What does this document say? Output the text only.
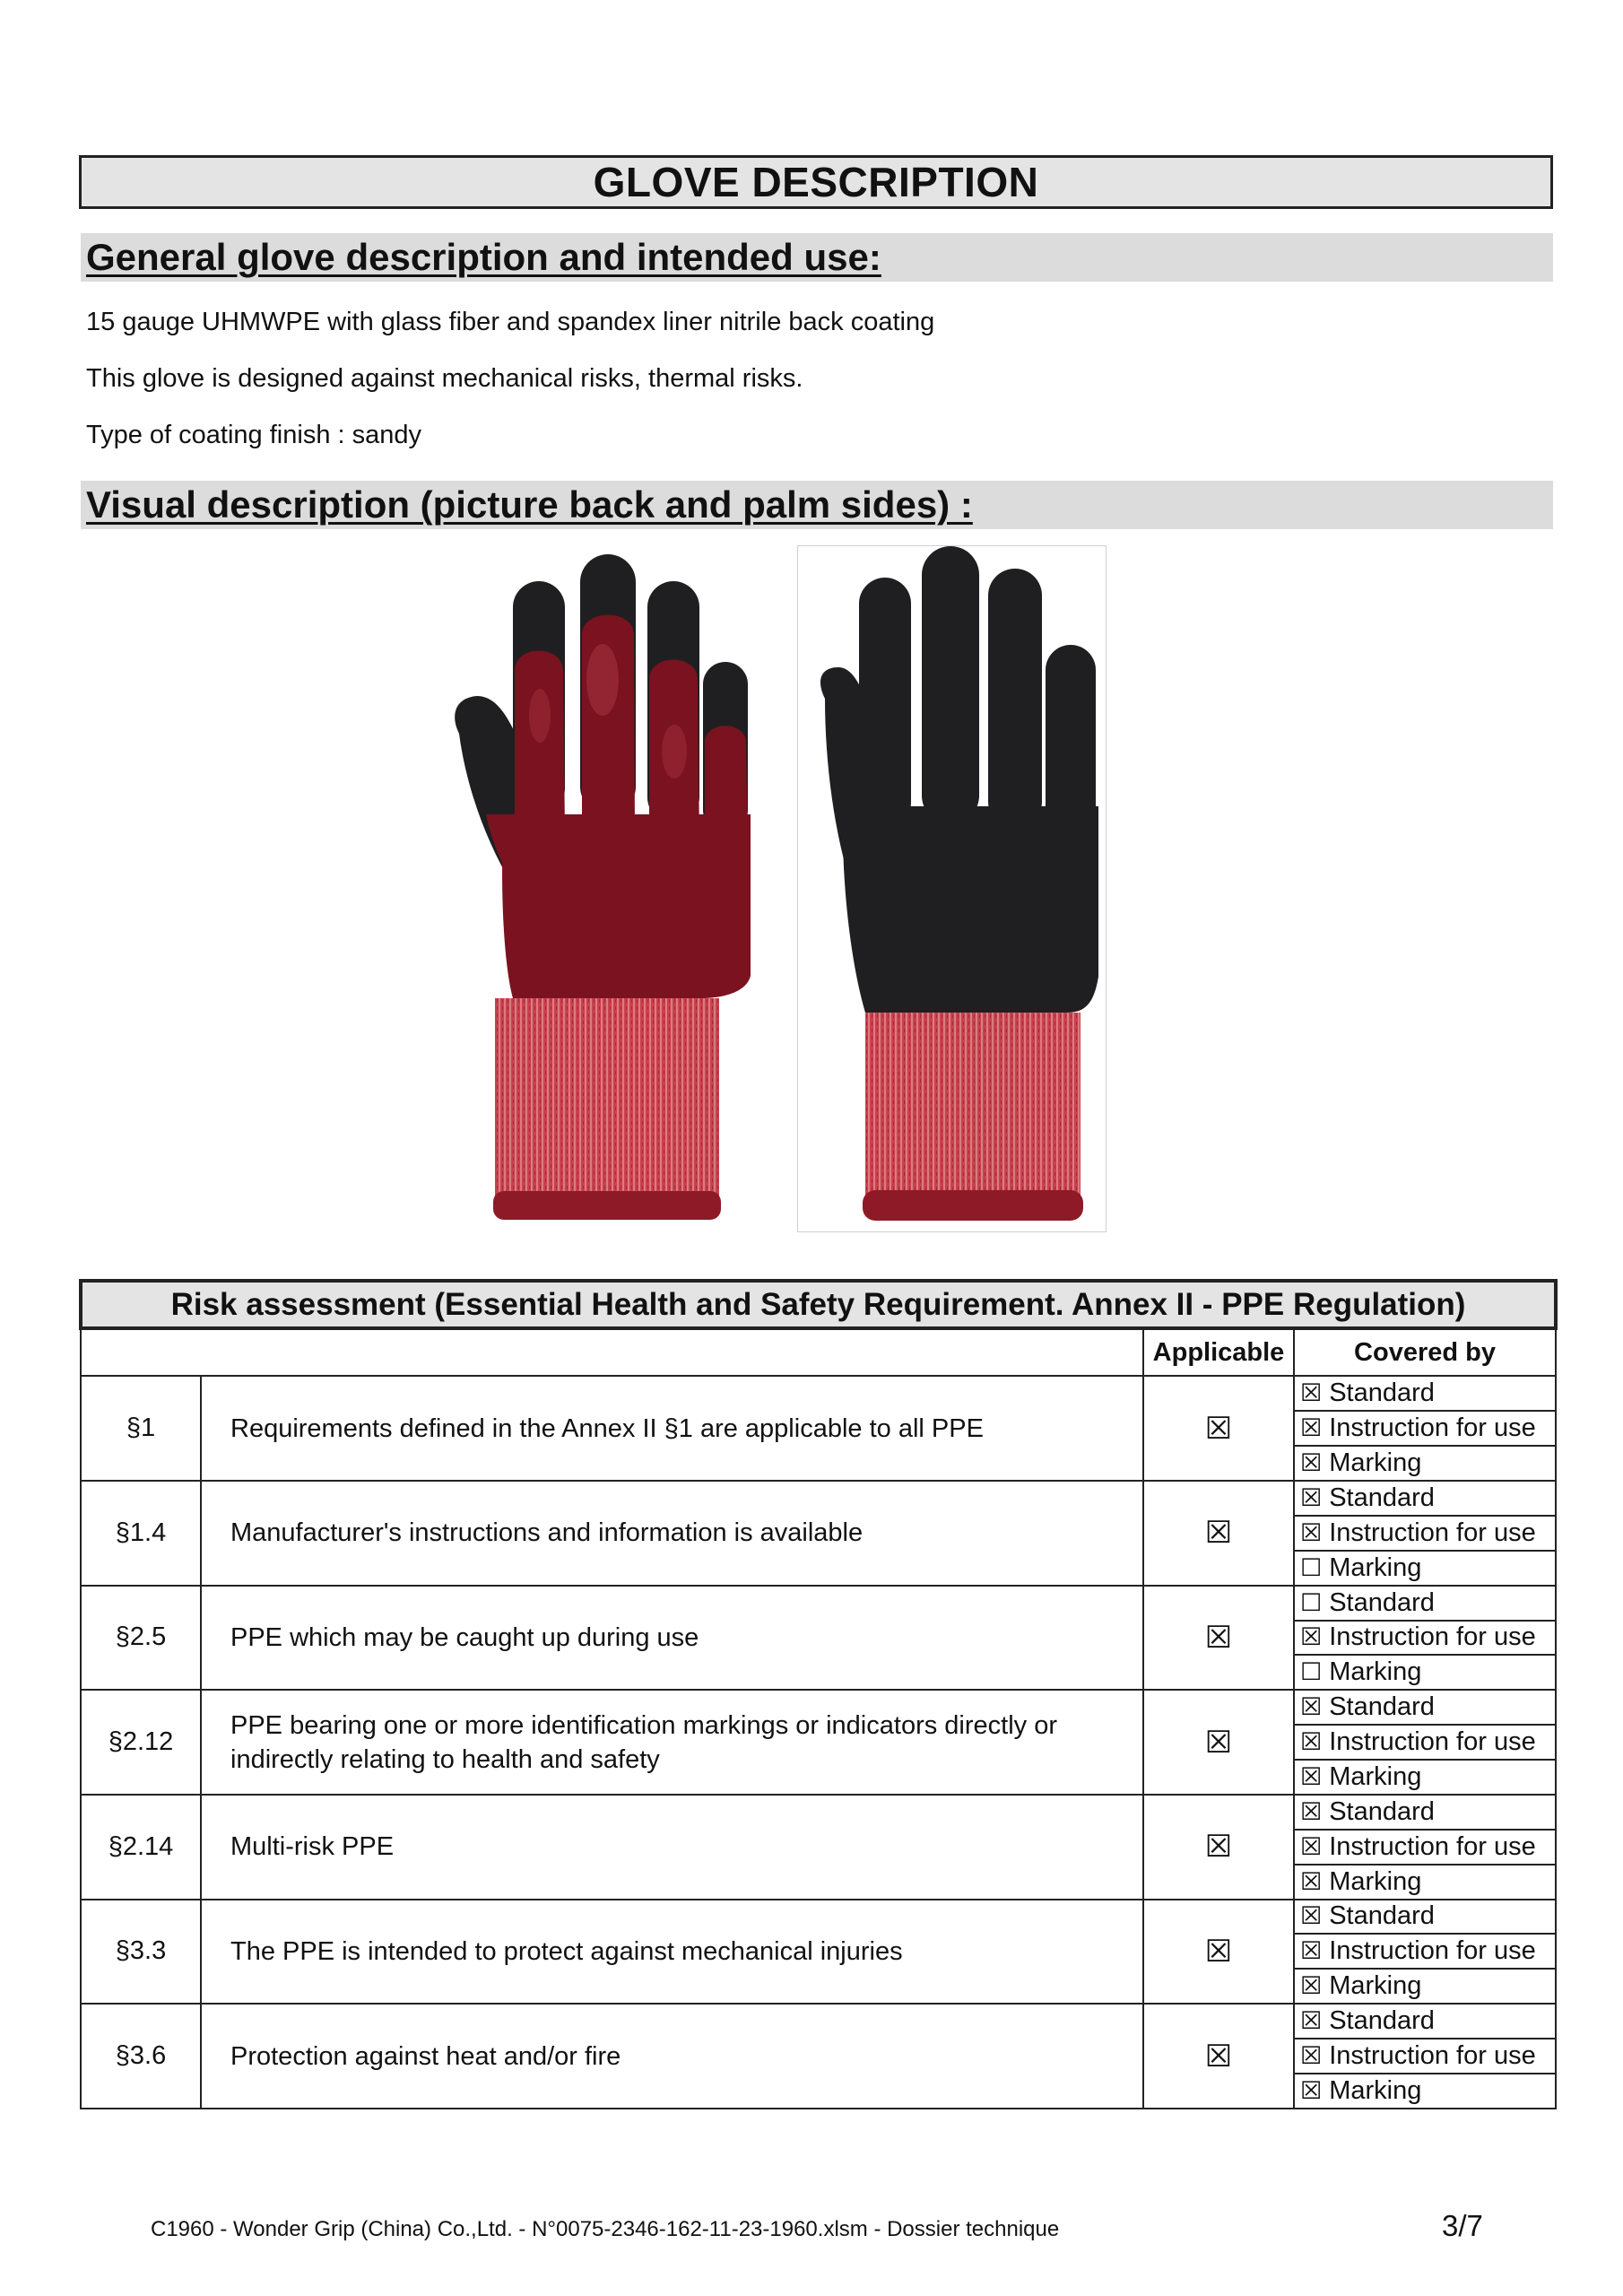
GLOVE DESCRIPTION
General glove description and intended use:
15 gauge UHMWPE with glass fiber and spandex liner nitrile back coating
This glove is designed against mechanical risks, thermal risks.
Type of coating finish : sandy
Visual description (picture back and palm sides) :
Risk assessment (Essential Health and Safety Requirement. Annex II - PPE Regulation)			
		Applicable	Covered by
§1	Requirements defined in the Annex II §1 are applicable to all PPE	☒	☒ Standard
			☒ Instruction for use
			☒ Marking
§1.4	Manufacturer's instructions and information is available	☒	☒ Standard
			☒ Instruction for use
			☐ Marking
§2.5	PPE which may be caught up during use	☒	☐ Standard
			☒ Instruction for use
			☐ Marking
§2.12	PPE bearing one or more identification markings or indicators directly or indirectly relating to health and safety	☒	☒ Standard
			☒ Instruction for use
			☒ Marking
§2.14	Multi-risk PPE	☒	☒ Standard
			☒ Instruction for use
			☒ Marking
§3.3	The PPE is intended to protect against mechanical injuries	☒	☒ Standard
			☒ Instruction for use
			☒ Marking
§3.6	Protection against heat and/or fire	☒	☒ Standard
			☒ Instruction for use
			☒ Marking
C1960 - Wonder Grip (China) Co.,Ltd. - N°0075-2346-162-11-23-1960.xlsm - Dossier technique	3/7
